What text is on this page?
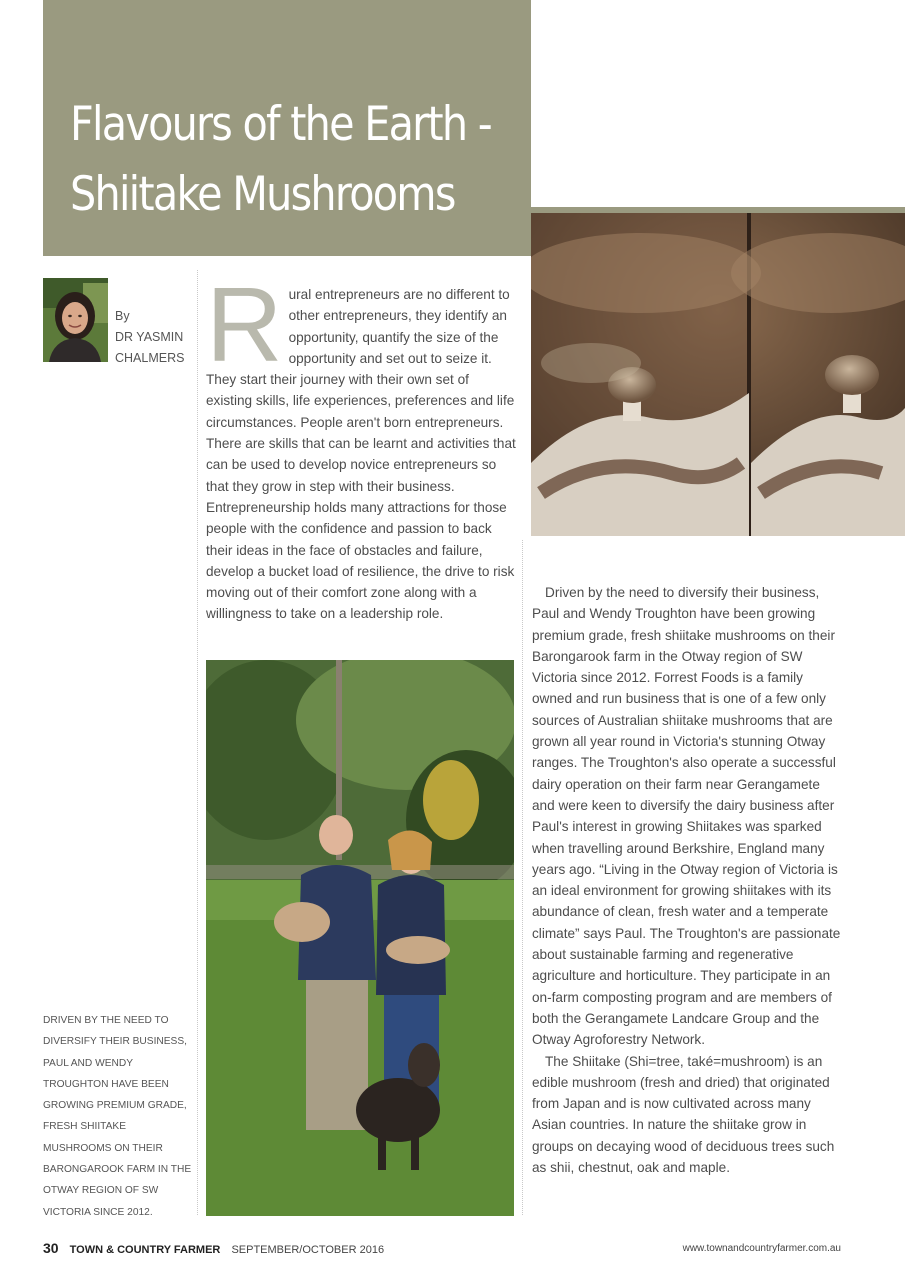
Flavours of the Earth -
Shiitake Mushrooms
By
DR YASMIN
CHALMERS Rural entrepreneurs are no different to other entrepreneurs, they identify an opportunity, quantify the size of the opportunity and set out to seize it. They start their journey with their own set of existing skills, life experiences, preferences and life circumstances. People aren't born entrepreneurs. There are skills that can be learnt and activities that can be used to develop novice entrepreneurs so that they grow in step with their business. Entrepreneurship holds many attractions for those people with the confidence and passion to back their ideas in the face of obstacles and failure, develop a bucket load of resilience, the drive to risk moving out of their comfort zone along with a willingness to take on a leadership role.

Driven by the need to diversify their business, Paul and Wendy Troughton have been growing premium grade, fresh shiitake mushrooms on their Barongarook farm in the Otway region of SW Victoria since 2012. Forrest Foods is a family owned and run business that is one of a few only sources of Australian shiitake mushrooms that are grown all year round in Victoria's stunning Otway ranges. The Troughton's also operate a successful dairy operation on their farm near Gerangamete and were keen to diversify the dairy business after Paul's interest in growing Shiitakes was sparked when travelling around Berkshire, England many years ago. “Living in the Otway region of Victoria is an ideal environment for growing shiitakes with its abundance of clean, fresh water and a temperate climate” says Paul. The Troughton's are passionate about sustainable farming and regenerative agriculture and horticulture. They participate in an on-farm composting program and are members of both the Gerangamete Landcare Group and the Otway Agroforestry Network.

The Shiitake (Shi=tree, také=mushroom) is an edible mushroom (fresh and dried) that originated from Japan and is now cultivated across many Asian countries. In nature the shiitake grow in groups on decaying wood of deciduous trees such as shii, chestnut, oak and maple.

DRIVEN BY THE NEED TO DIVERSIFY THEIR BUSINESS, PAUL AND WENDY TROUGHTON HAVE BEEN GROWING PREMIUM GRADE, FRESH SHIITAKE MUSHROOMS ON THEIR BARONGAROOK FARM IN THE OTWAY REGION OF SW VICTORIA SINCE 2012.

30 TOWN & COUNTRY FARMER SEPTEMBER/OCTOBER 2016	www.townandcountryfarmer.com.au
